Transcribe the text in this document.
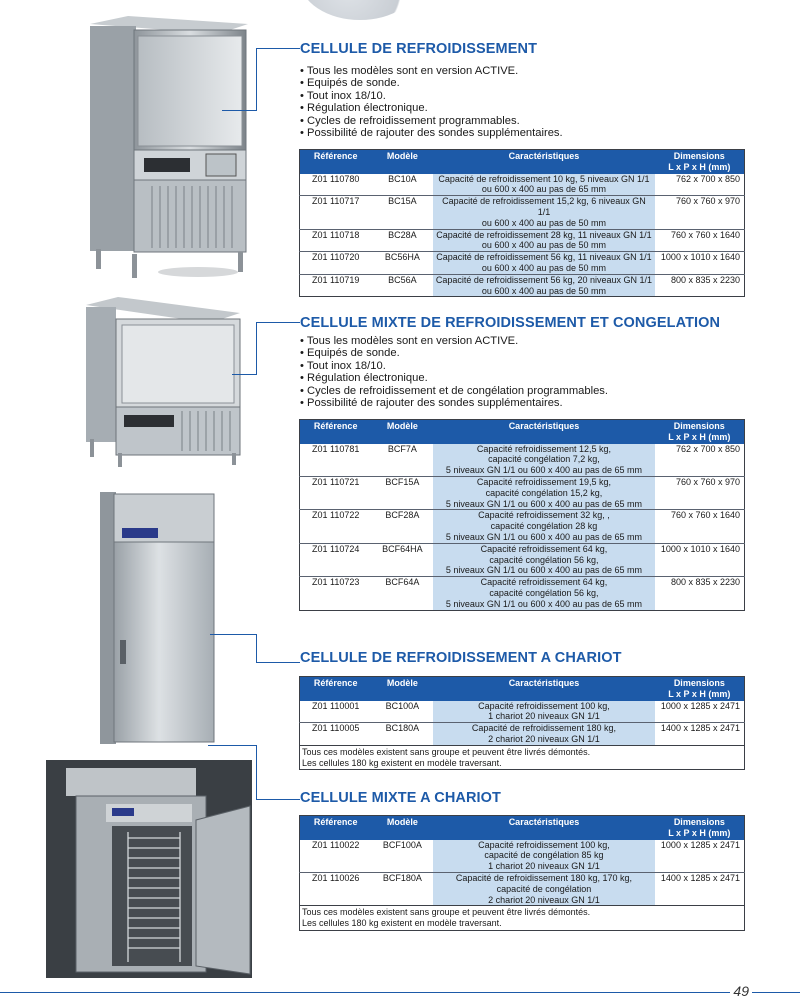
CELLULE DE REFROIDISSEMENT
• Tous les modèles sont en version ACTIVE.
• Equipés de sonde.
• Tout inox 18/10.
• Régulation électronique.
• Cycles de refroidissement programmables.
• Possibilité de rajouter des sondes supplémentaires.
Référence	Modèle	Caractéristiques	Dimensions
L x P x H (mm)

Z01 110780	BC10A	Capacité de refroidissement 10 kg, 5 niveaux GN 1/1
ou 600 x 400 au pas de 65 mm	762 x 700 x 850
Z01 110717	BC15A	Capacité de refroidissement 15,2 kg, 6 niveaux GN 1/1
ou 600 x 400 au pas de 50 mm	760 x 760 x 970
Z01 110718	BC28A	Capacité de refroidissement 28 kg, 11 niveaux GN 1/1
ou 600 x 400 au pas de 50 mm	760 x 760 x 1640
Z01 110720	BC56HA	Capacité de refroidissement 56 kg, 11 niveaux GN 1/1
ou 600 x 400 au pas de 50 mm	1000 x 1010 x 1640
Z01 110719	BC56A	Capacité de refroidissement 56 kg, 20 niveaux GN 1/1
ou 600 x 400 au pas de 50 mm	800 x 835 x 2230
CELLULE MIXTE DE REFROIDISSEMENT ET CONGELATION
• Tous les modèles sont en version ACTIVE.
• Equipés de sonde.
• Tout inox 18/10.
• Régulation électronique.
• Cycles de refroidissement et de congélation programmables.
• Possibilité de rajouter des sondes supplémentaires.
Référence	Modèle	Caractéristiques	Dimensions
L x P x H (mm)

Z01 110781	BCF7A	Capacité refroidissement 12,5 kg,
capacité congélation 7,2 kg,
5 niveaux GN 1/1 ou 600 x 400 au pas de 65 mm	762 x 700 x 850
Z01 110721	BCF15A	Capacité refroidissement 19,5 kg,
capacité congélation 15,2 kg,
5 niveaux GN 1/1 ou 600 x 400 au pas de 65 mm	760 x 760 x 970
Z01 110722	BCF28A	Capacité refroidissement 32 kg, ,
capacité congélation 28 kg
5 niveaux GN 1/1 ou 600 x 400 au pas de 65 mm	760 x 760 x 1640
Z01 110724	BCF64HA	Capacité refroidissement 64 kg,
capacité congélation 56 kg,
5 niveaux GN 1/1 ou 600 x 400 au pas de 65 mm	1000 x 1010 x 1640
Z01 110723	BCF64A	Capacité refroidissement 64 kg,
capacité congélation 56 kg,
5 niveaux GN 1/1 ou 600 x 400 au pas de 65 mm	800 x 835 x 2230
CELLULE DE REFROIDISSEMENT A CHARIOT
Référence	Modèle	Caractéristiques	Dimensions
L x P x H (mm)

Z01 110001	BC100A	Capacité refroidissement 100 kg,
1 chariot 20 niveaux GN 1/1	1000 x 1285 x 2471
Z01 110005	BC180A	Capacité de refroidissement 180 kg,
2 chariot 20 niveaux GN 1/1	1400 x 1285 x 2471

Tous ces modèles existent sans groupe et peuvent être livrés démontés.
Les cellules 180 kg existent en modèle traversant.			
CELLULE MIXTE A CHARIOT
Référence	Modèle	Caractéristiques	Dimensions
L x P x H (mm)

Z01 110022	BCF100A	Capacité refroidissement 100 kg,
capacité de congélation 85 kg
1 chariot 20 niveaux GN 1/1	1000 x 1285 x 2471
Z01 110026	BCF180A	Capacité de refroidissement 180 kg, 170 kg,
capacité de congélation
2 chariot 20 niveaux GN 1/1	1400 x 1285 x 2471

Tous ces modèles existent sans groupe et peuvent être livrés démontés.
Les cellules 180 kg existent en modèle traversant.			
49
